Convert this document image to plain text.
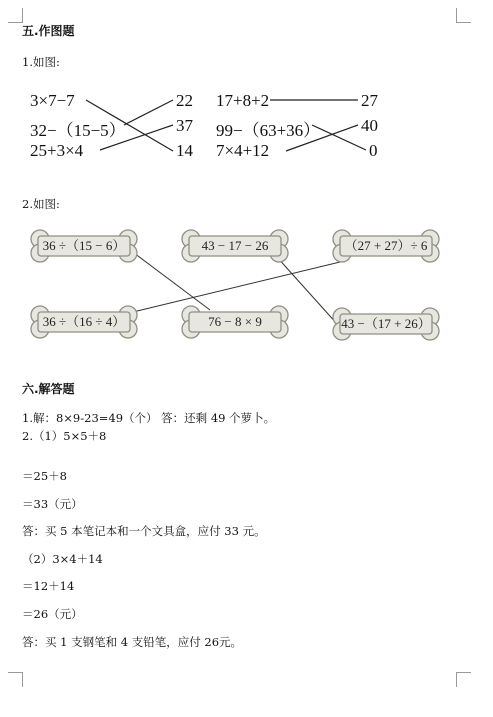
五.作图题
1.如图:
3×7−7
32−（15−5）
25+3×4
22
37
14
17+8+2
99−（63+36）
7×4+12
27
40
0
36 ÷（15 − 6）	43 − 17 − 26	（27 + 27）÷ 6
36 ÷（16 ÷ 4）	76 − 8 × 9	43 −（17 + 26）
2.如图:
六.解答题
1.解：8×9-23=49（个） 答：还剩 49 个萝卜。
2.（1）5×5＋8
＝25＋8
＝33（元）
答：买 5 本笔记本和一个文具盒，应付 33 元。
（2）3×4＋14
＝12＋14
＝26（元）
答：买 1 支钢笔和 4 支铅笔，应付 26元。
